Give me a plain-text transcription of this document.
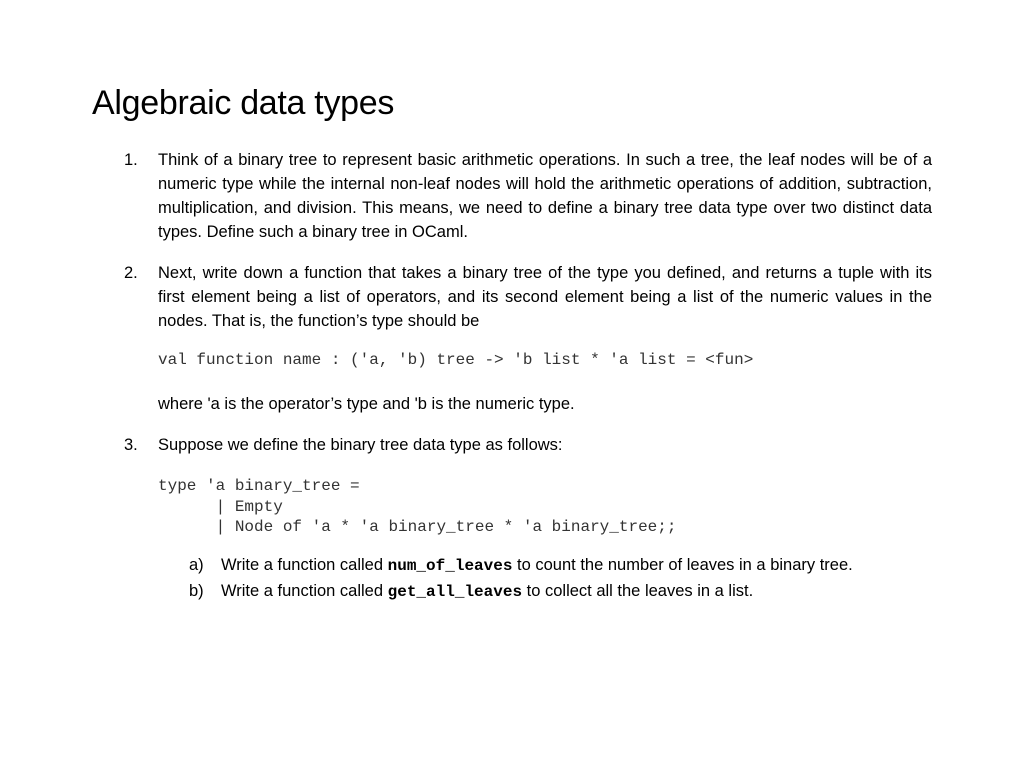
Algebraic data types
1.	Think of a binary tree to represent basic arithmetic operations. In such a tree, the leaf nodes will be of a numeric type while the internal non-leaf nodes will hold the arithmetic operations of addition, subtraction, multiplication, and division. This means, we need to define a binary tree data type over two distinct data types. Define such a binary tree in OCaml.
2.	Next, write down a function that takes a binary tree of the type you defined, and returns a tuple with its first element being a list of operators, and its second element being a list of the numeric values in the nodes. That is, the function’s type should be
val function name : ('a, 'b) tree -> 'b list * 'a list = <fun>
where 'a is the operator’s type and 'b is the numeric type.
3.	Suppose we define the binary tree data type as follows:
type 'a binary_tree =
| Empty
| Node of 'a * 'a binary_tree * 'a binary_tree;;
a) Write a function called num_of_leaves to count the number of leaves in a binary tree.
b) Write a function called get_all_leaves to collect all the leaves in a list.
